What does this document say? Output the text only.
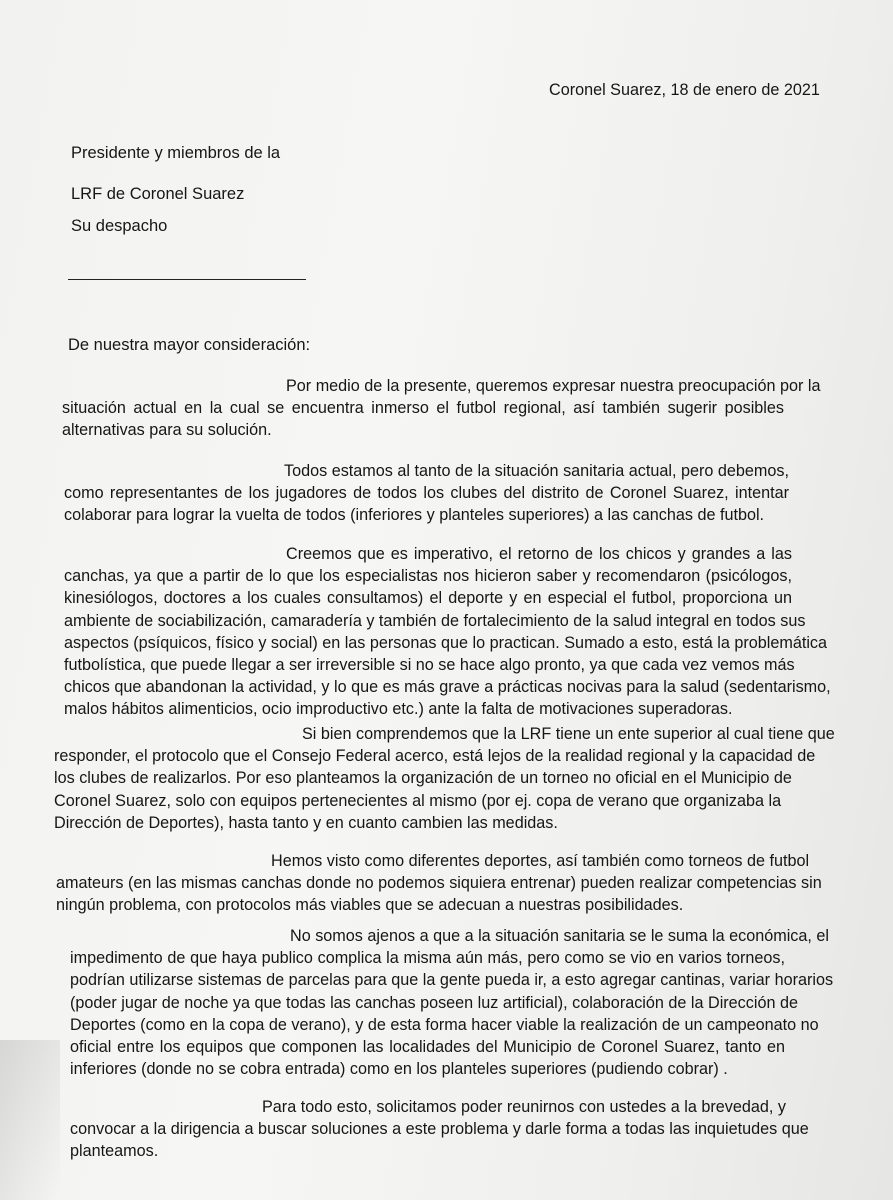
Coronel Suarez, 18 de enero de 2021
Presidente y miembros de la
LRF de Coronel Suarez
Su despacho
De nuestra mayor consideración:
Por medio de la presente, queremos expresar nuestra preocupación por la
situación actual en la cual se encuentra inmerso el futbol regional, así también sugerir posibles
alternativas para su solución.
Todos estamos al tanto de la situación sanitaria actual, pero debemos,
como representantes de los jugadores de todos los clubes del distrito de Coronel Suarez, intentar
colaborar para lograr la vuelta de todos (inferiores y planteles superiores) a las canchas de futbol.
Creemos que es imperativo, el retorno de los chicos y grandes a las
canchas, ya que a partir de lo que los especialistas nos hicieron saber y recomendaron (psicólogos,
kinesiólogos, doctores a los cuales consultamos) el deporte y en especial el futbol, proporciona un
ambiente de sociabilización, camaradería y también de fortalecimiento de la salud integral en todos sus
aspectos (psíquicos, físico y social) en las personas que lo practican. Sumado a esto, está la problemática
futbolística, que puede llegar a ser irreversible si no se hace algo pronto, ya que cada vez vemos más
chicos que abandonan la actividad, y lo que es más grave a prácticas nocivas para la salud (sedentarismo,
malos hábitos alimenticios, ocio improductivo etc.) ante la falta de motivaciones superadoras.
Si bien comprendemos que la LRF tiene un ente superior al cual tiene que
responder, el protocolo que el Consejo Federal acerco, está lejos de la realidad regional y la capacidad de
los clubes de realizarlos. Por eso planteamos la organización de un torneo no oficial en el Municipio de
Coronel Suarez, solo con equipos pertenecientes al mismo (por ej. copa de verano que organizaba la
Dirección de Deportes), hasta tanto y en cuanto cambien las medidas.
Hemos visto como diferentes deportes, así también como torneos de futbol
amateurs (en las mismas canchas donde no podemos siquiera entrenar) pueden realizar competencias sin
ningún problema, con protocolos más viables que se adecuan a nuestras posibilidades.
No somos ajenos a que a la situación sanitaria se le suma la económica, el
impedimento de que haya publico complica la misma aún más, pero como se vio en varios torneos,
podrían utilizarse sistemas de parcelas para que la gente pueda ir, a esto agregar cantinas, variar horarios
(poder jugar de noche ya que todas las canchas poseen luz artificial), colaboración de la Dirección de
Deportes (como en la copa de verano), y de esta forma hacer viable la realización de un campeonato no
oficial entre los equipos que componen las localidades del Municipio de Coronel Suarez, tanto en
inferiores (donde no se cobra entrada) como en los planteles superiores (pudiendo cobrar) .
Para todo esto, solicitamos poder reunirnos con ustedes a la brevedad, y
convocar a la dirigencia a buscar soluciones a este problema y darle forma a todas las inquietudes que
planteamos.
